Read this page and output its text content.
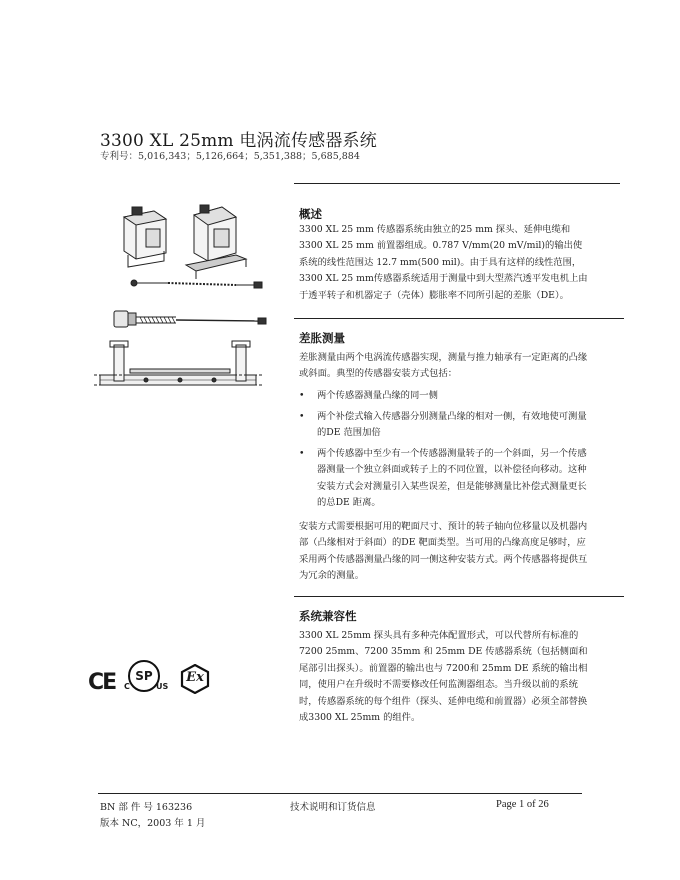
3300 XL 25mm 电涡流传感器系统
专利号：5,016,343；5,126,664；5,351,388；5,685,884
概述
3300 XL 25 mm 传感器系统由独立的25 mm 探头、延伸电缆和 3300 XL 25 mm 前置器组成。0.787 V/mm(20 mV/mil)的输出使系统的线性范围达 12.7 mm(500 mil)。由于具有这样的线性范围，3300 XL 25 mm传感器系统适用于测量中到大型蒸汽透平发电机上由于透平转子和机器定子（壳体）膨胀率不同所引起的差胀（DE）。
差胀测量
差胀测量由两个电涡流传感器实现，测量与推力轴承有一定距离的凸缘或斜面。典型的传感器安装方式包括：
• 两个传感器测量凸缘的同一侧
• 两个补偿式输入传感器分别测量凸缘的相对一侧，有效地使可测量的DE 范围加倍
• 两个传感器中至少有一个传感器测量转子的一个斜面，另一个传感器测量一个独立斜面或转子上的不同位置，以补偿径向移动。这种安装方式会对测量引入某些误差，但是能够测量比补偿式测量更长的总DE 距离。
安装方式需要根据可用的靶面尺寸、预计的转子轴向位移量以及机器内部（凸缘相对于斜面）的DE 靶面类型。当可用的凸缘高度足够时，应采用两个传感器测量凸缘的同一侧这种安装方式。两个传感器将提供互为冗余的测量。
系统兼容性
3300 XL 25mm 探头具有多种壳体配置形式，可以代替所有标准的 7200 25mm、7200 35mm 和 25mm DE 传感器系统（包括侧面和尾部引出探头）。前置器的输出也与 7200和 25mm DE 系统的输出相同，使用户在升级时不需要修改任何监测器组态。当升级以前的系统时，传感器系统的每个组件（探头、延伸电缆和前置器）必须全部替换成3300 XL 25mm 的组件。
CE	SP
C	US
Ex
BN 部 件 号 163236
版本 NC，2003 年 1 月
技术说明和订货信息	Page 1 of 26
